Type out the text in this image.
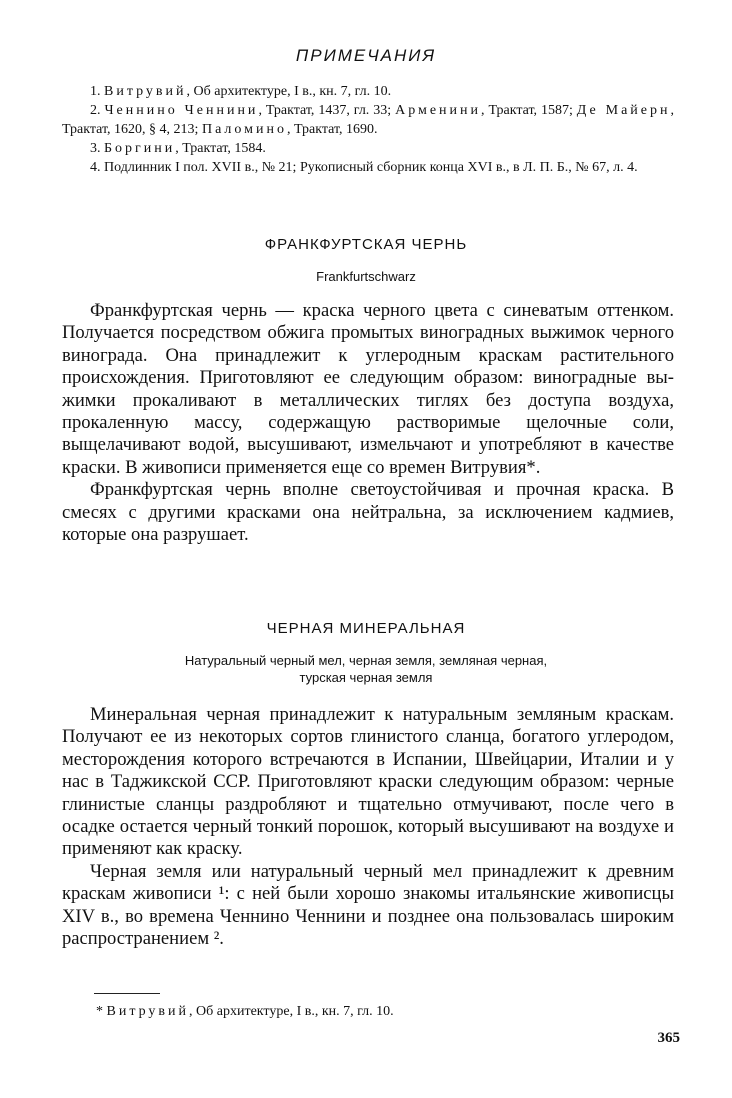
ПРИМЕЧАНИЯ

1. Витрувий, Об архитектуре, I в., кн. 7, гл. 10.

2. Ченнино Ченнини, Трактат, 1437, гл. 33; Арменини, Трактат, 1587; Де Майерн, Трактат, 1620, § 4, 213; Паломино, Трактат, 1690.

3. Боргини, Трактат, 1584.

4. Подлинник I пол. XVII в., № 21; Рукописный сборник конца XVI в., в Л. П. Б., № 67, л. 4.

ФРАНКФУРТСКАЯ ЧЕРНЬ
Frankfurtschwarz

Франкфуртская чернь — краска черного цвета с синеватым оттенком. Получается посредством обжига промытых виноградных выжимок черного винограда. Она принадлежит к углеродным краскам растительного происхождения. Приготовляют ее следующим образом: виноградные выжимки прокаливают в металлических тиглях без доступа воздуха, прокаленную массу, содержащую растворимые щелочные соли, выщелачивают водой, высушивают, измельчают и употребляют в качестве краски. В живописи применяется еще со времен Витрувия*.

Франкфуртская чернь вполне светоустойчивая и прочная краска. В смесях с другими красками она нейтральна, за исключением кадмиев, которые она разрушает.

ЧЕРНАЯ МИНЕРАЛЬНАЯ
Натуральный черный мел, черная земля, земляная черная, турская черная земля

Минеральная черная принадлежит к натуральным земляным краскам. Получают ее из некоторых сортов глинистого сланца, богатого углеродом, месторождения которого встречаются в Испании, Швейцарии, Италии и у нас в Таджикской ССР. Приготовляют краски следующим образом: черные глинистые сланцы раздробляют и тщательно отмучивают, после чего в осадке остается черный тонкий порошок, который высушивают на воздухе и применяют как краску.

Черная земля или натуральный черный мел принадлежит к древним краскам живописи ¹: с ней были хорошо знакомы итальянские живописцы XIV в., во времена Ченнино Ченнини и позднее она пользовалась широким распространением ².

* Витрувий, Об архитектуре, I в., кн. 7, гл. 10.
365
